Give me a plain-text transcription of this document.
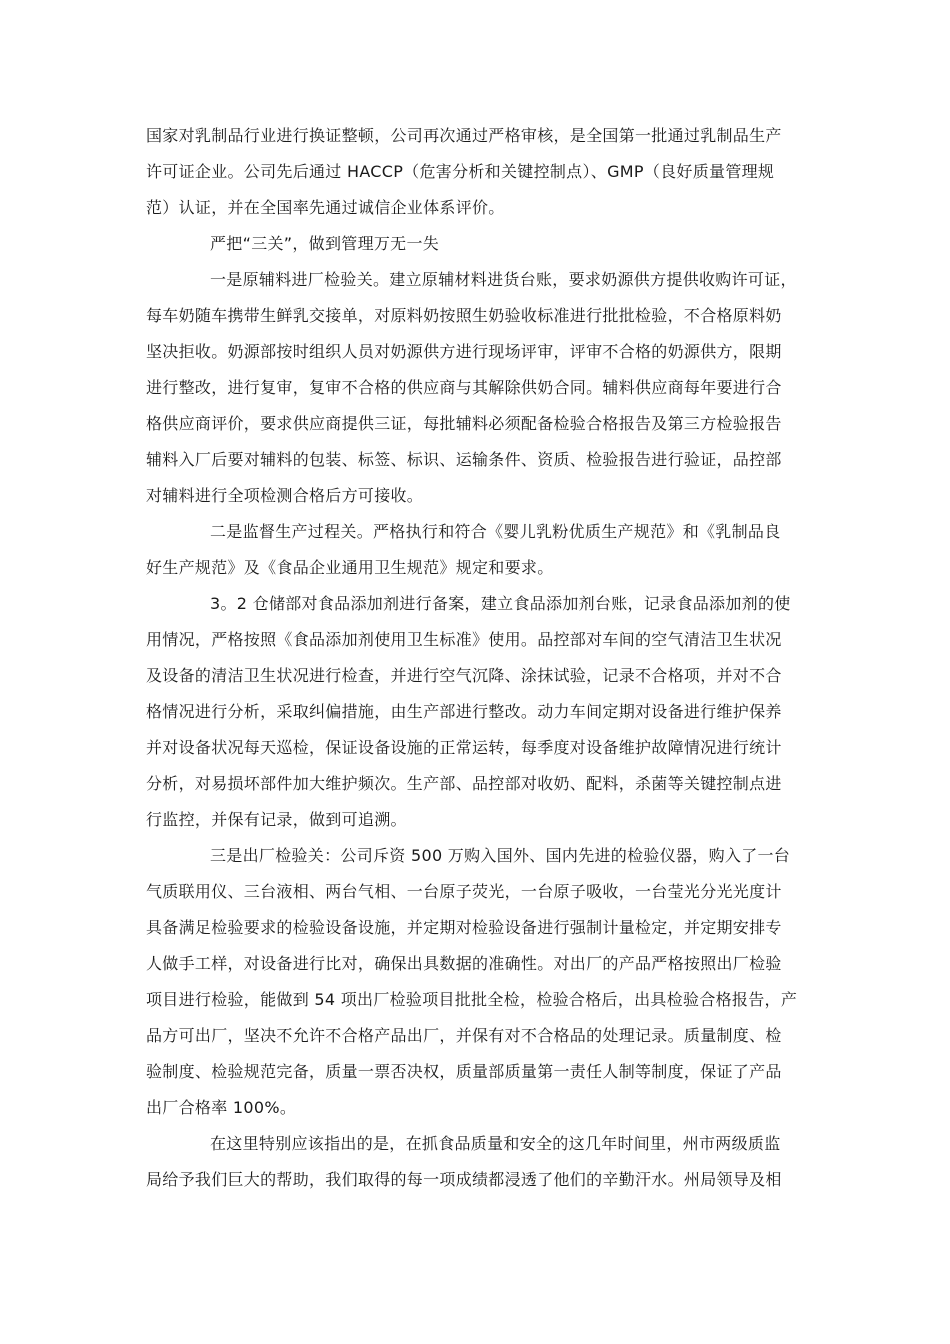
国家对乳制品行业进行换证整顿，公司再次通过严格审核，是全国第一批通过乳制品生产
许可证企业。公司先后通过 HACCP（危害分析和关键控制点）、GMP（良好质量管理规
范）认证，并在全国率先通过诚信企业体系评价。

严把“三关”，做到管理万无一失

一是原辅料进厂检验关。建立原辅材料进货台账，要求奶源供方提供收购许可证，
每车奶随车携带生鲜乳交接单，对原料奶按照生奶验收标准进行批批检验，不合格原料奶
坚决拒收。奶源部按时组织人员对奶源供方进行现场评审，评审不合格的奶源供方，限期
进行整改，进行复审，复审不合格的供应商与其解除供奶合同。辅料供应商每年要进行合
格供应商评价，要求供应商提供三证，每批辅料必须配备检验合格报告及第三方检验报告
辅料入厂后要对辅料的包装、标签、标识、运输条件、资质、检验报告进行验证，品控部
对辅料进行全项检测合格后方可接收。

二是监督生产过程关。严格执行和符合《婴儿乳粉优质生产规范》和《乳制品良
好生产规范》及《食品企业通用卫生规范》规定和要求。

3。2 仓储部对食品添加剂进行备案，建立食品添加剂台账，记录食品添加剂的使
用情况，严格按照《食品添加剂使用卫生标准》使用。品控部对车间的空气清洁卫生状况
及设备的清洁卫生状况进行检查，并进行空气沉降、涂抹试验，记录不合格项，并对不合
格情况进行分析，采取纠偏措施，由生产部进行整改。动力车间定期对设备进行维护保养
并对设备状况每天巡检，保证设备设施的正常运转，每季度对设备维护故障情况进行统计
分析，对易损坏部件加大维护频次。生产部、品控部对收奶、配料，杀菌等关键控制点进
行监控，并保有记录，做到可追溯。

三是出厂检验关：公司斥资 500 万购入国外、国内先进的检验仪器，购入了一台
气质联用仪、三台液相、两台气相、一台原子荧光，一台原子吸收，一台莹光分光光度计
具备满足检验要求的检验设备设施，并定期对检验设备进行强制计量检定，并定期安排专
人做手工样，对设备进行比对，确保出具数据的准确性。对出厂的产品严格按照出厂检验
项目进行检验，能做到 54 项出厂检验项目批批全检，检验合格后，出具检验合格报告，产
品方可出厂，坚决不允许不合格产品出厂，并保有对不合格品的处理记录。质量制度、检
验制度、检验规范完备，质量一票否决权，质量部质量第一责任人制等制度，保证了产品
出厂合格率 100%。

在这里特别应该指出的是，在抓食品质量和安全的这几年时间里，州市两级质监
局给予我们巨大的帮助，我们取得的每一项成绩都浸透了他们的辛勤汗水。州局领导及相
